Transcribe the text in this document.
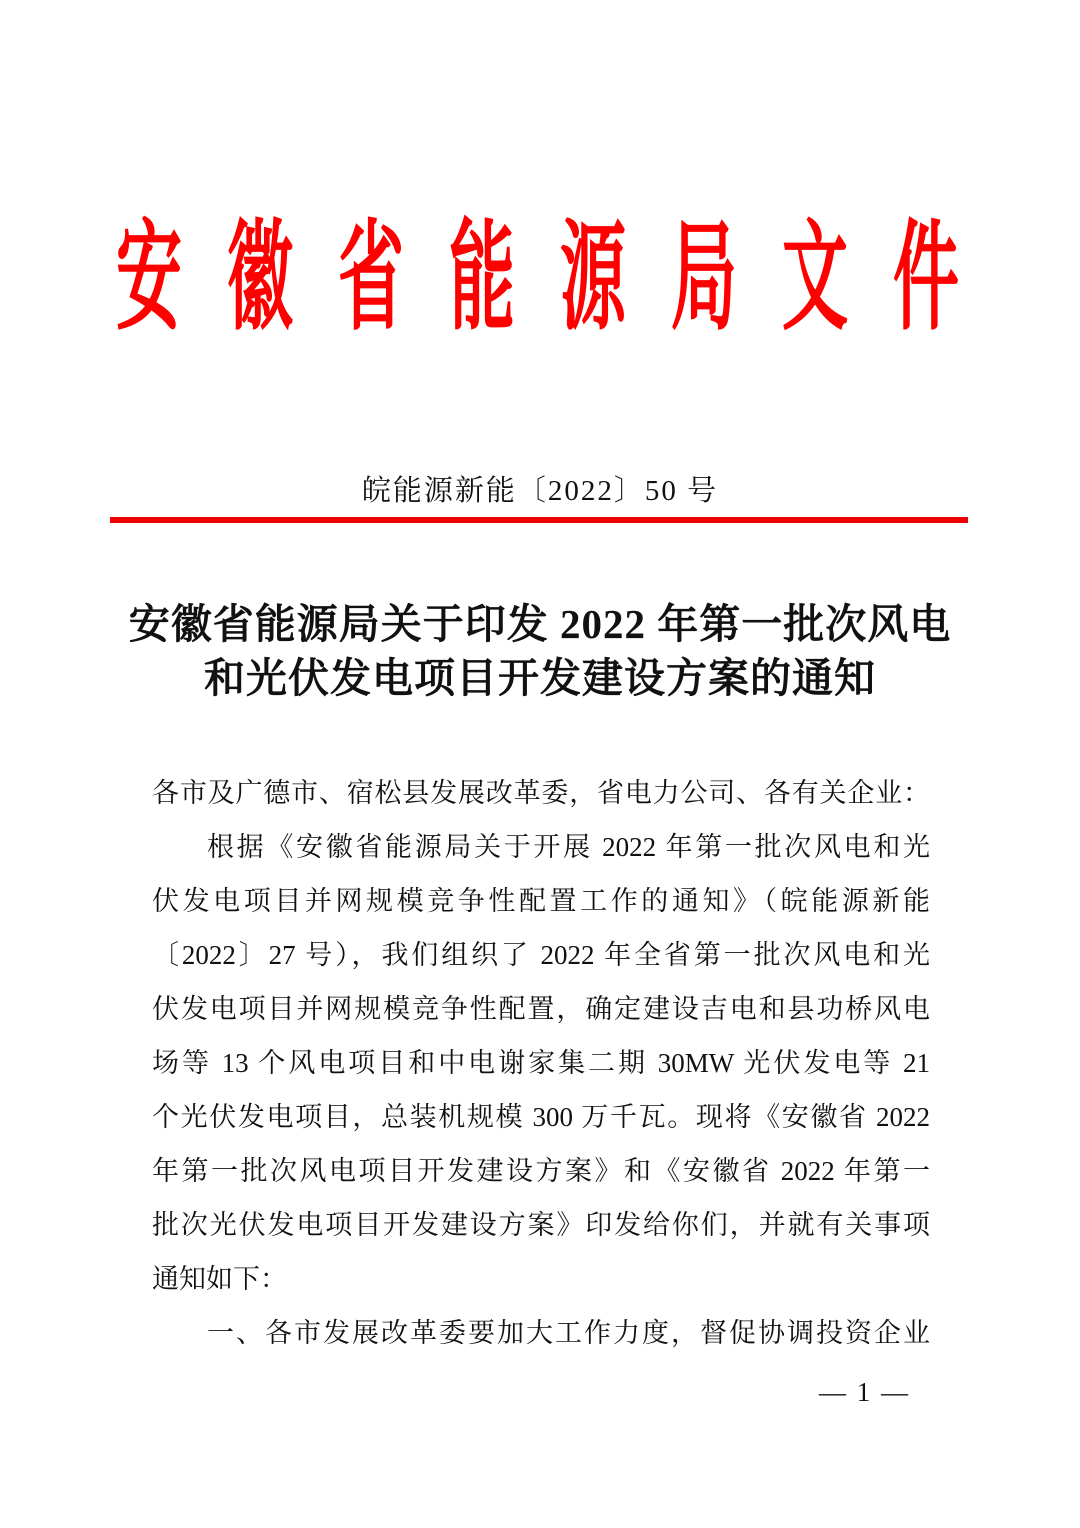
安 徽 省 能 源 局 文 件
皖能源新能〔2022〕50 号
安徽省能源局关于印发 2022 年第一批次风电
和光伏发电项目开发建设方案的通知
各市及广德市、宿松县发展改革委，省电力公司、各有关企业：
根据《安徽省能源局关于开展 2022 年第一批次风电和光
伏发电项目并网规模竞争性配置工作的通知》（皖能源新能
〔2022〕27 号），我们组织了 2022 年全省第一批次风电和光
伏发电项目并网规模竞争性配置，确定建设吉电和县功桥风电
场等 13 个风电项目和中电谢家集二期 30MW 光伏发电等 21
个光伏发电项目，总装机规模 300 万千瓦。现将《安徽省 2022
年第一批次风电项目开发建设方案》和《安徽省 2022 年第一
批次光伏发电项目开发建设方案》印发给你们，并就有关事项
通知如下：
一、各市发展改革委要加大工作力度，督促协调投资企业
— 1 —
